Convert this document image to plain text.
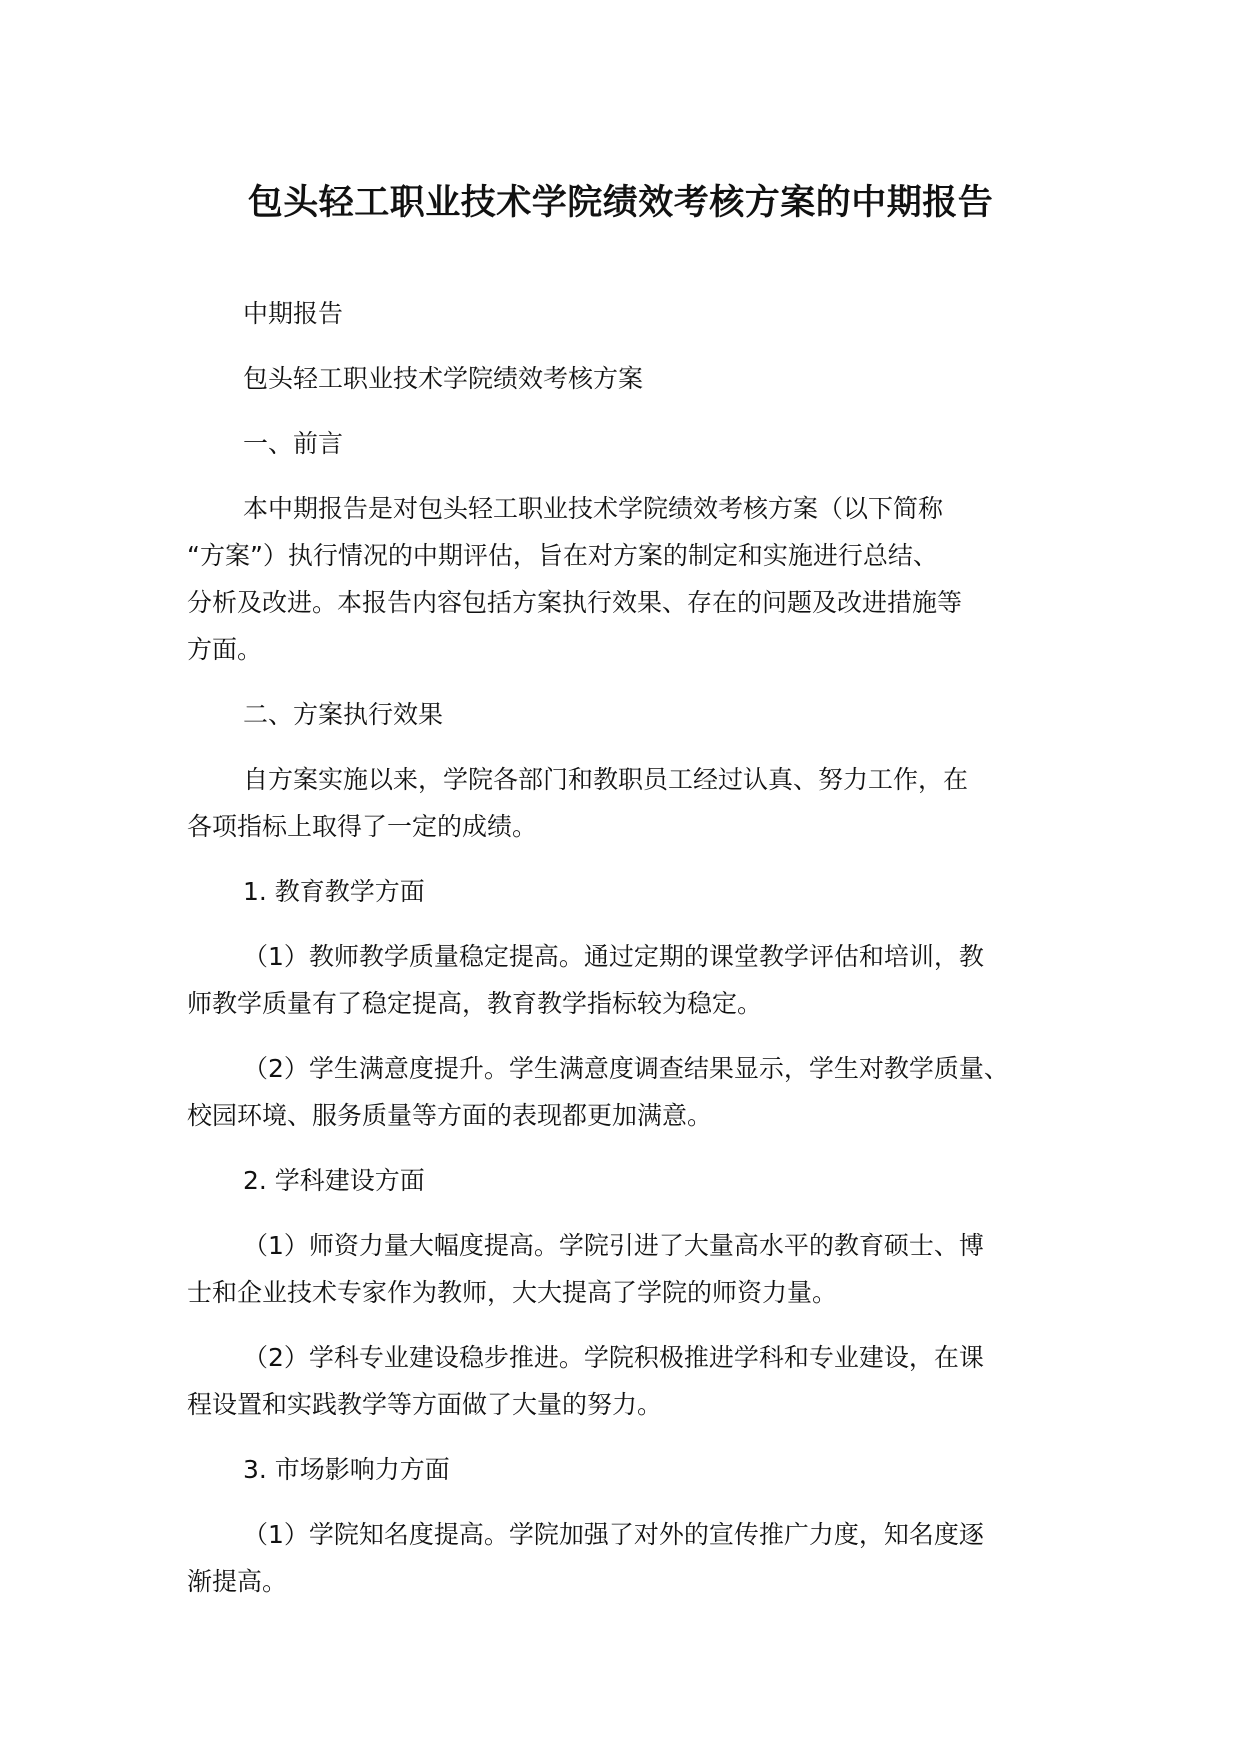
包头轻工职业技术学院绩效考核方案的中期报告

中期报告

包头轻工职业技术学院绩效考核方案

一、前言

本中期报告是对包头轻工职业技术学院绩效考核方案（以下简称
“方案”）执行情况的中期评估，旨在对方案的制定和实施进行总结、
分析及改进。本报告内容包括方案执行效果、存在的问题及改进措施等
方面。

二、方案执行效果

自方案实施以来，学院各部门和教职员工经过认真、努力工作，在
各项指标上取得了一定的成绩。

1. 教育教学方面

（1）教师教学质量稳定提高。通过定期的课堂教学评估和培训，教
师教学质量有了稳定提高，教育教学指标较为稳定。

（2）学生满意度提升。学生满意度调查结果显示，学生对教学质量、
校园环境、服务质量等方面的表现都更加满意。

2. 学科建设方面

（1）师资力量大幅度提高。学院引进了大量高水平的教育硕士、博
士和企业技术专家作为教师，大大提高了学院的师资力量。

（2）学科专业建设稳步推进。学院积极推进学科和专业建设，在课
程设置和实践教学等方面做了大量的努力。

3. 市场影响力方面

（1）学院知名度提高。学院加强了对外的宣传推广力度，知名度逐
渐提高。
